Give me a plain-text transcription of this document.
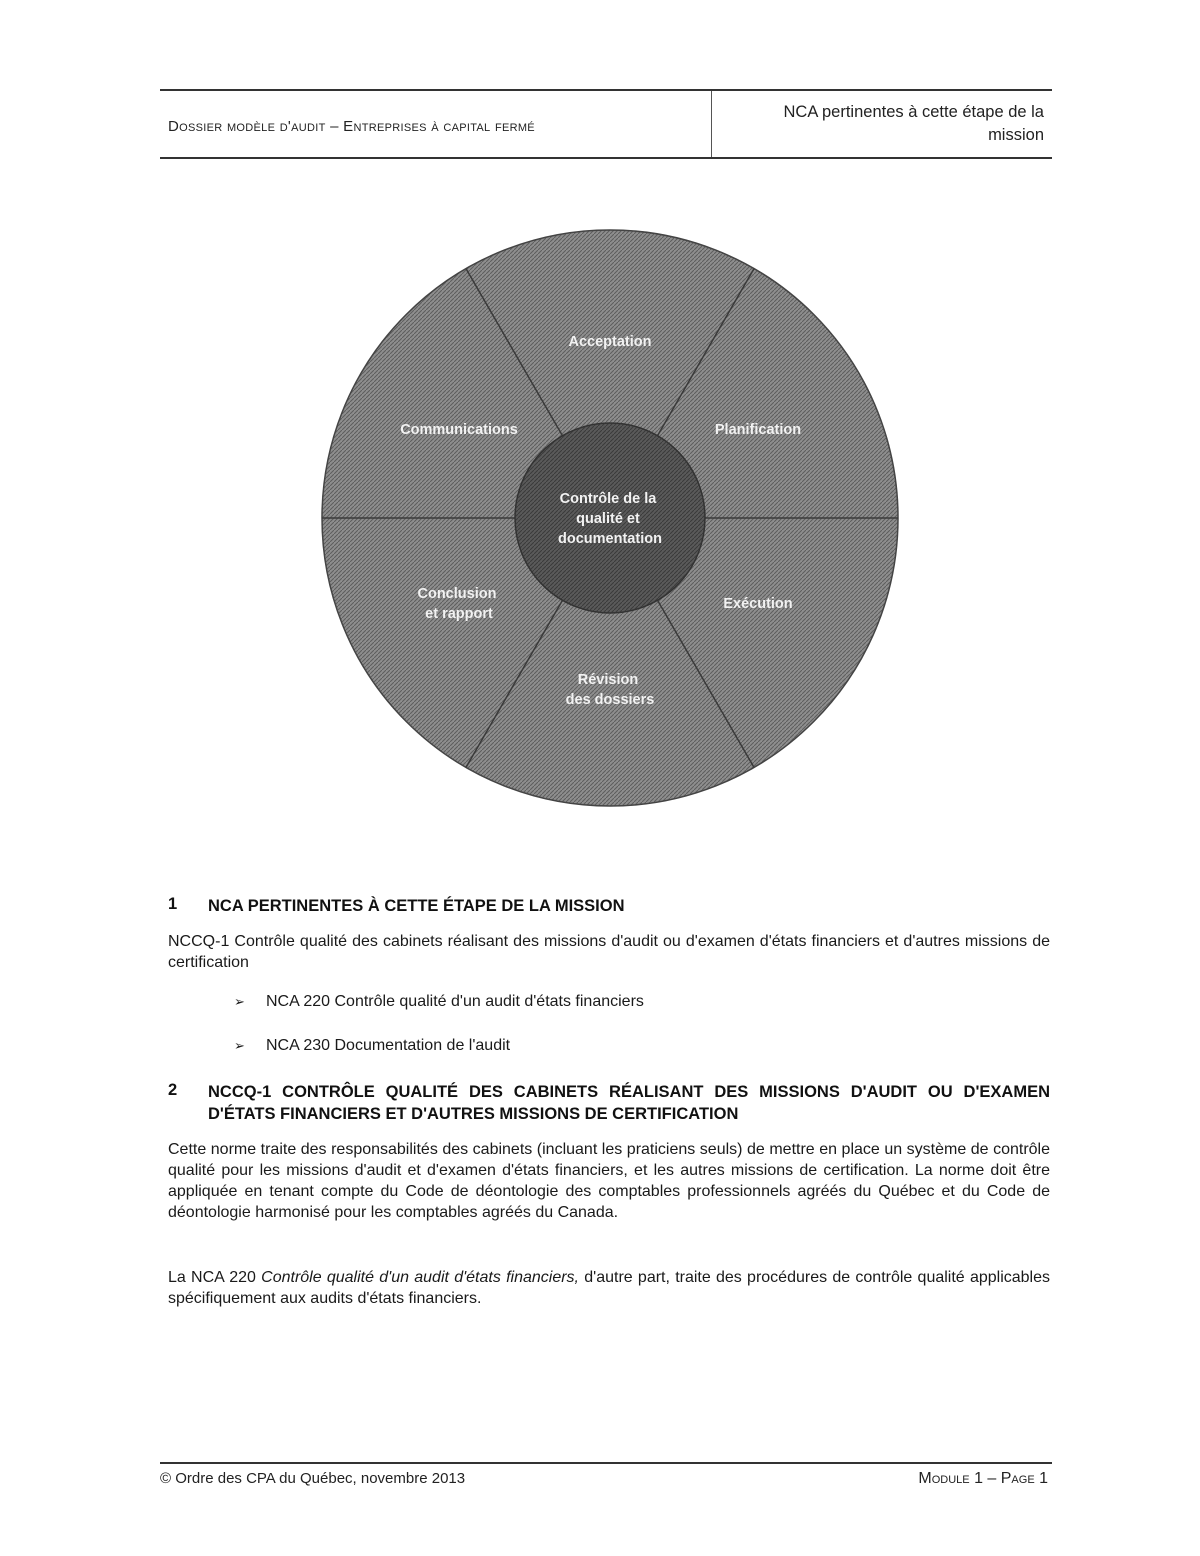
Dossier modèle d'audit – Entreprises à capital fermé
NCA pertinentes à cette étape de la mission
Acceptation
Planification
Exécution
Révision des dossiers
Conclusion et rapport
Communications
Contrôle de la qualité et documentation
1	NCA PERTINENTES À CETTE ÉTAPE DE LA MISSION
NCCQ-1 Contrôle qualité des cabinets réalisant des missions d'audit ou d'examen d'états financiers et d'autres missions de certification
➢ NCA 220 Contrôle qualité d'un audit d'états financiers
➢ NCA 230 Documentation de l'audit
2	NCCQ-1 CONTRÔLE QUALITÉ DES CABINETS RÉALISANT DES MISSIONS D'AUDIT OU D'EXAMEN D'ÉTATS FINANCIERS ET D'AUTRES MISSIONS DE CERTIFICATION
Cette norme traite des responsabilités des cabinets (incluant les praticiens seuls) de mettre en place un système de contrôle qualité pour les missions d'audit et d'examen d'états financiers, et les autres missions de certification. La norme doit être appliquée en tenant compte du Code de déontologie des comptables professionnels agréés du Québec et du Code de déontologie harmonisé pour les comptables agréés du Canada.
La NCA 220 Contrôle qualité d'un audit d'états financiers, d'autre part, traite des procédures de contrôle qualité applicables spécifiquement aux audits d'états financiers.
© Ordre des CPA du Québec, novembre 2013	Module 1 – Page 1
